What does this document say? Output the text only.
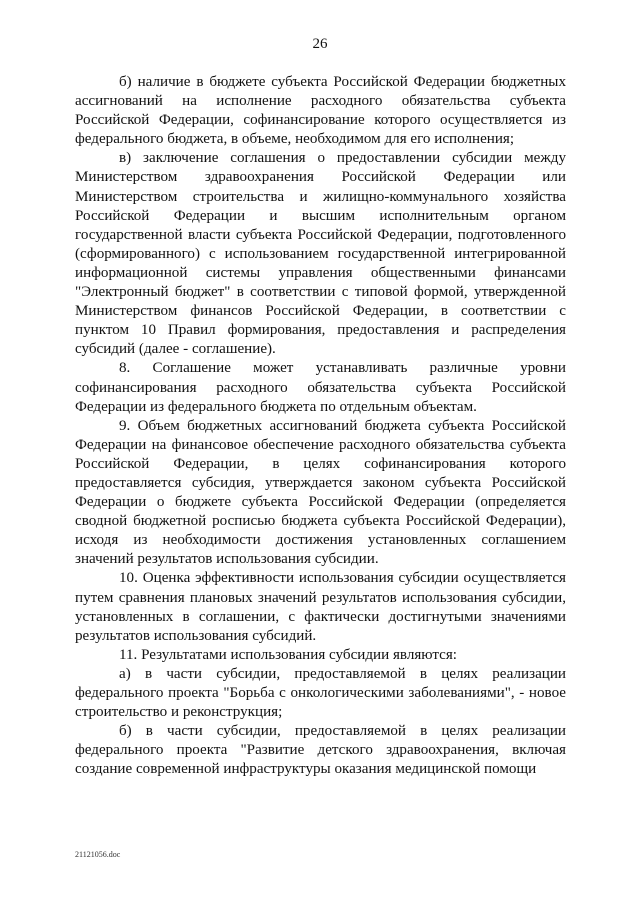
26

б) наличие в бюджете субъекта Российской Федерации бюджетных ассигнований на исполнение расходного обязательства субъекта Российской Федерации, софинансирование которого осуществляется из федерального бюджета, в объеме, необходимом для его исполнения;

в) заключение соглашения о предоставлении субсидии между Министерством здравоохранения Российской Федерации или Министерством строительства и жилищно-коммунального хозяйства Российской Федерации и высшим исполнительным органом государственной власти субъекта Российской Федерации, подготовленного (сформированного) с использованием государственной интегрированной информационной системы управления общественными финансами "Электронный бюджет" в соответствии с типовой формой, утвержденной Министерством финансов Российской Федерации, в соответствии с пунктом 10 Правил формирования, предоставления и распределения субсидий (далее - соглашение).

8. Соглашение может устанавливать различные уровни софинансирования расходного обязательства субъекта Российской Федерации из федерального бюджета по отдельным объектам.

9. Объем бюджетных ассигнований бюджета субъекта Российской Федерации на финансовое обеспечение расходного обязательства субъекта Российской Федерации, в целях софинансирования которого предоставляется субсидия, утверждается законом субъекта Российской Федерации о бюджете субъекта Российской Федерации (определяется сводной бюджетной росписью бюджета субъекта Российской Федерации), исходя из необходимости достижения установленных соглашением значений результатов использования субсидии.

10. Оценка эффективности использования субсидии осуществляется путем сравнения плановых значений результатов использования субсидии, установленных в соглашении, с фактически достигнутыми значениями результатов использования субсидий.

11. Результатами использования субсидии являются:

а) в части субсидии, предоставляемой в целях реализации федерального проекта "Борьба с онкологическими заболеваниями", - новое строительство и реконструкция;

б) в части субсидии, предоставляемой в целях реализации федерального проекта "Развитие детского здравоохранения, включая создание современной инфраструктуры оказания медицинской помощи

21121056.doc
